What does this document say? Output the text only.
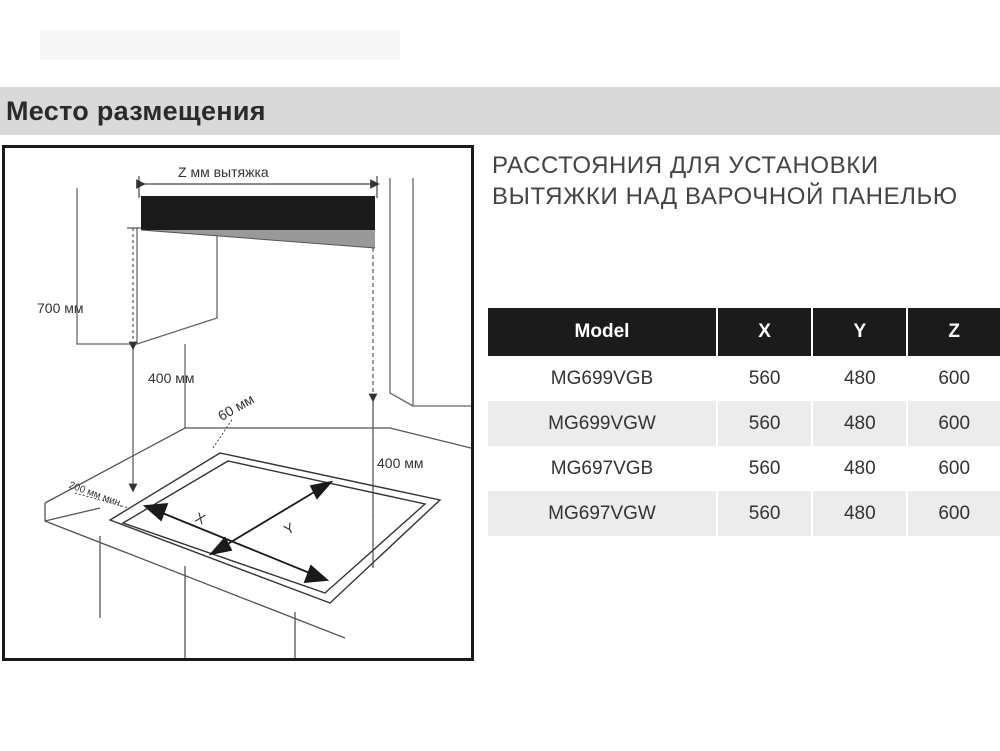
Место размещения
Z мм вытяжка
700 мм
400 мм
400 мм
60 мм
200 мм мин.
X
Y
РАССТОЯНИЯ ДЛЯ УСТАНОВКИ
ВЫТЯЖКИ НАД ВАРОЧНОЙ ПАНЕЛЬЮ
Model	X	Y	Z
MG699VGB	560	480	600
MG699VGW	560	480	600
MG697VGB	560	480	600
MG697VGW	560	480	600
